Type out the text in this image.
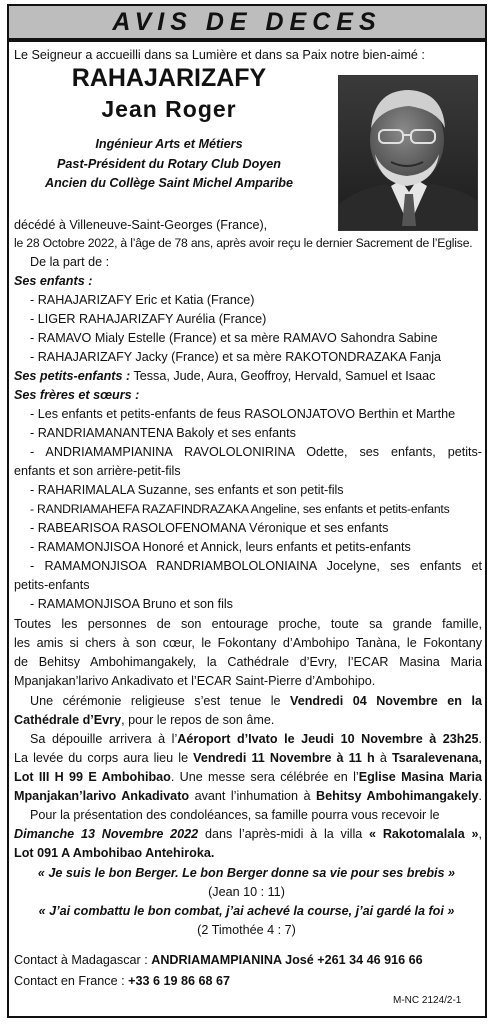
AVIS DE DECES
Le Seigneur a accueilli dans sa Lumière et dans sa Paix notre bien-aimé :
RAHAJARIZAFY
Jean Roger
Ingénieur Arts et Métiers
Past-Président du Rotary Club Doyen
Ancien du Collège Saint Michel Amparibe
décédé à Villeneuve-Saint-Georges (France),
le 28 Octobre 2022, à l’âge de 78 ans, après avoir reçu le dernier Sacrement de l’Eglise.
De la part de :
Ses enfants :
- RAHAJARIZAFY Eric et Katia (France)
- LIGER RAHAJARIZAFY Aurélia (France)
- RAMAVO Mialy Estelle (France) et sa mère RAMAVO Sahondra Sabine
- RAHAJARIZAFY Jacky (France) et sa mère RAKOTONDRAZAKA Fanja
Ses petits-enfants : Tessa, Jude, Aura, Geoffroy, Hervald, Samuel et Isaac
Ses frères et sœurs :
- Les enfants et petits-enfants de feus RASOLONJATOVO Berthin et Marthe
- RANDRIAMANANTENA Bakoly et ses enfants
- ANDRIAMAMPIANINA RAVOLOLONIRINA Odette, ses enfants, petits-
enfants et son arrière-petit-fils
- RAHARIMALALA Suzanne, ses enfants et son petit-fils
- RANDRIAMAHEFA RAZAFINDRAZAKA Angeline, ses enfants et petits-enfants
- RABEARISOA RASOLOFENOMANA Véronique et ses enfants
- RAMAMONJISOA Honoré et Annick, leurs enfants et petits-enfants
- RAMAMONJISOA RANDRIAMBOLOLONIAINA Jocelyne, ses enfants et
petits-enfants
- RAMAMONJISOA Bruno et son fils
Toutes les personnes de son entourage proche, toute sa grande famille,
les amis si chers à son cœur, le Fokontany d’Ambohipo Tanàna, le Fokontany
de Behitsy Ambohimangakely, la Cathédrale d’Evry, l’ECAR Masina Maria
Mpanjakan’larivo Ankadivato et l’ECAR Saint-Pierre d’Ambohipo.
Une cérémonie religieuse s’est tenue le Vendredi 04 Novembre en la
Cathédrale d’Evry, pour le repos de son âme.
Sa dépouille arrivera à l’Aéroport d’Ivato le Jeudi 10 Novembre à 23h25.
La levée du corps aura lieu le Vendredi 11 Novembre à 11 h à Tsaralevenana,
Lot III H 99 E Ambohibao. Une messe sera célébrée en l’Eglise Masina Maria
Mpanjakan’larivo Ankadivato avant l’inhumation à Behitsy Ambohimangakely.
Pour la présentation des condoléances, sa famille pourra vous recevoir le
Dimanche 13 Novembre 2022 dans l’après-midi à la villa « Rakotomalala »,
Lot 091 A Ambohibao Antehiroka.
« Je suis le bon Berger. Le bon Berger donne sa vie pour ses brebis »
(Jean 10 : 11)
« J’ai combattu le bon combat, j’ai achevé la course, j’ai gardé la foi »
(2 Timothée 4 : 7)
Contact à Madagascar : ANDRIAMAMPIANINA José +261 34 46 916 66
Contact en France : +33 6 19 86 68 67
M-NC 2124/2-1
